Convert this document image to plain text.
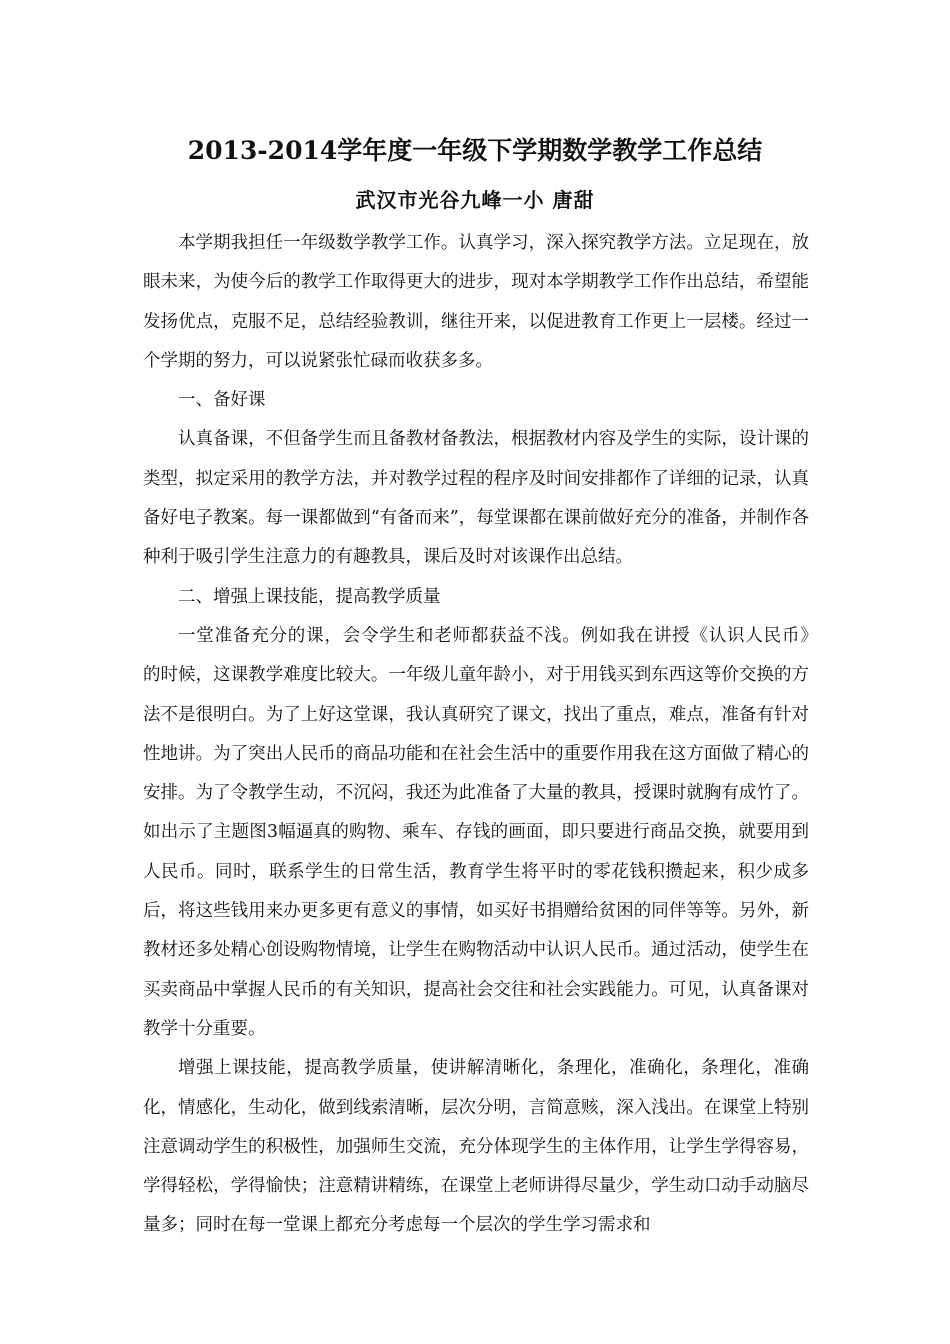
2013-2014学年度一年级下学期数学教学工作总结
武汉市光谷九峰一小 唐甜

本学期我担任一年级数学教学工作。认真学习，深入探究教学方法。立足现在，放眼未来，为使今后的教学工作取得更大的进步，现对本学期教学工作作出总结，希望能发扬优点，克服不足，总结经验教训，继往开来，以促进教育工作更上一层楼。经过一个学期的努力，可以说紧张忙碌而收获多多。

一、备好课

认真备课，不但备学生而且备教材备教法，根据教材内容及学生的实际，设计课的类型，拟定采用的教学方法，并对教学过程的程序及时间安排都作了详细的记录，认真备好电子教案。每一课都做到“有备而来”，每堂课都在课前做好充分的准备，并制作各种利于吸引学生注意力的有趣教具，课后及时对该课作出总结。

二、增强上课技能，提高教学质量

一堂准备充分的课，会令学生和老师都获益不浅。例如我在讲授《认识人民币》　的时候，这课教学难度比较大。一年级儿童年龄小，对于用钱买到东西这等价交换的方法不是很明白。为了上好这堂课，我认真研究了课文，找出了重点，难点，准备有针对性地讲。为了突出人民币的商品功能和在社会生活中的重要作用我在这方面做了精心的安排。为了令教学生动，不沉闷，我还为此准备了大量的教具，授课时就胸有成竹了。如出示了主题图3幅逼真的购物、乘车、存钱的画面，即只要进行商品交换，就要用到人民币。同时，联系学生的日常生活，教育学生将平时的零花钱积攒起来，积少成多后，将这些钱用来办更多更有意义的事情，如买好书捐赠给贫困的同伴等等。另外，新教材还多处精心创设购物情境，让学生在购物活动中认识人民币。通过活动，使学生在买卖商品中掌握人民币的有关知识，提高社会交往和社会实践能力。可见，认真备课对教学十分重要。

增强上课技能，提高教学质量，使讲解清晰化，条理化，准确化，条理化，准确化，情感化，生动化，做到线索清晰，层次分明，言简意赅，深入浅出。在课堂上特别注意调动学生的积极性，加强师生交流，充分体现学生的主体作用，让学生学得容易，学得轻松，学得愉快；注意精讲精练，在课堂上老师讲得尽量少，学生动口动手动脑尽量多；同时在每一堂课上都充分考虑每一个层次的学生学习需求和
